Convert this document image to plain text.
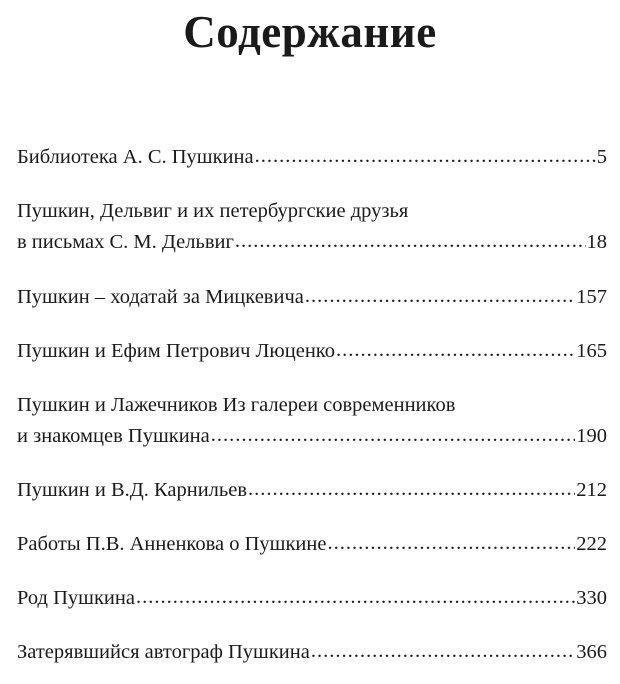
Содержание
Библиотека А. С. Пушкина .....	5
Пушкин, Дельвиг и их петербургские друзья
в письмах С. М. Дельвиг .....	18
Пушкин – ходатай за Мицкевича .....	157
Пушкин и Ефим Петрович Люценко .....	165
Пушкин и Лажечников Из галереи современников
и знакомцев Пушкина .....	190
Пушкин и В.Д. Карнильев .....	212
Работы П.В. Анненкова о Пушкине .....	222
Род Пушкина .....	330
Затерявшийся автограф Пушкина .....	366
